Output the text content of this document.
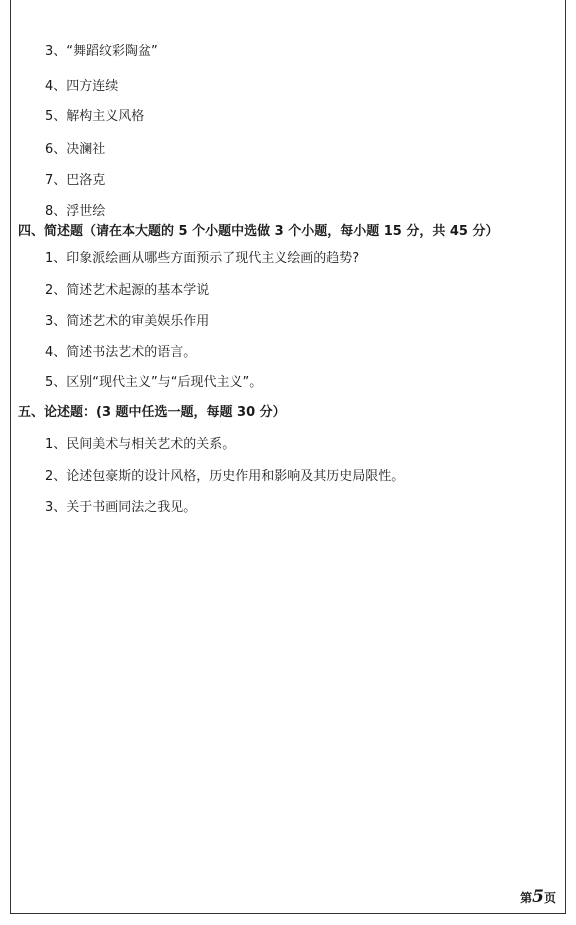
3、“舞蹈纹彩陶盆”
4、四方连续
5、解构主义风格
6、决澜社
7、巴洛克
8、浮世绘
四、简述题（请在本大题的 5 个小题中选做 3 个小题，每小题 15 分，共 45 分）
1、印象派绘画从哪些方面预示了现代主义绘画的趋势?
2、简述艺术起源的基本学说
3、简述艺术的审美娱乐作用
4、简述书法艺术的语言。
5、区别“现代主义”与“后现代主义”。
五、论述题：(3 题中任选一题，每题 30 分）
1、民间美术与相关艺术的关系。
2、论述包豪斯的设计风格，历史作用和影响及其历史局限性。
3、关于书画同法之我见。
第5页
